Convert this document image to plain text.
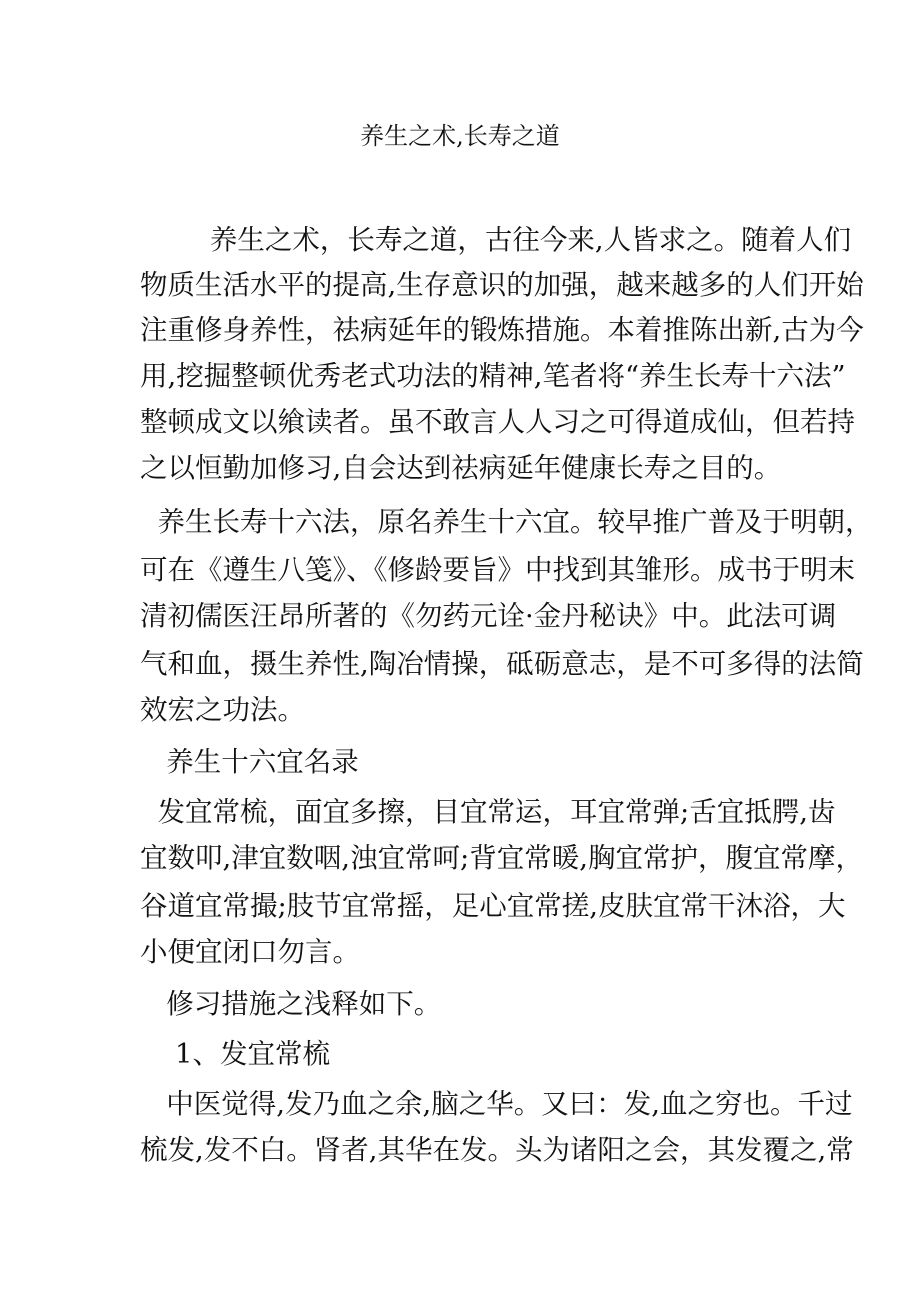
养生之术,长寿之道
养生之术，长寿之道，古往今来,人皆求之。随着人们
物质生活水平的提高,生存意识的加强，越来越多的人们开始
注重修身养性，祛病延年的锻炼措施。本着推陈出新,古为今
用,挖掘整顿优秀老式功法的精神,笔者将“养生长寿十六法”
整顿成文以飨读者。虽不敢言人人习之可得道成仙，但若持
之以恒勤加修习,自会达到祛病延年健康长寿之目的。
养生长寿十六法，原名养生十六宜。较早推广普及于明朝，
可在《遵生八笺》、《修龄要旨》中找到其雏形。成书于明末
清初儒医汪昂所著的《勿药元诠·金丹秘诀》中。此法可调
气和血，摄生养性,陶冶情操，砥砺意志，是不可多得的法简
效宏之功法。
养生十六宜名录
发宜常梳，面宜多擦，目宜常运，耳宜常弹;舌宜抵腭,齿
宜数叩,津宜数咽,浊宜常呵;背宜常暖,胸宜常护，腹宜常摩，
谷道宜常撮;肢节宜常摇，足心宜常搓,皮肤宜常干沐浴，大
小便宜闭口勿言。
修习措施之浅释如下。
1、发宜常梳
中医觉得,发乃血之余,脑之华。又曰：发,血之穷也。千过
梳发,发不白。肾者,其华在发。头为诸阳之会，其发覆之,常
